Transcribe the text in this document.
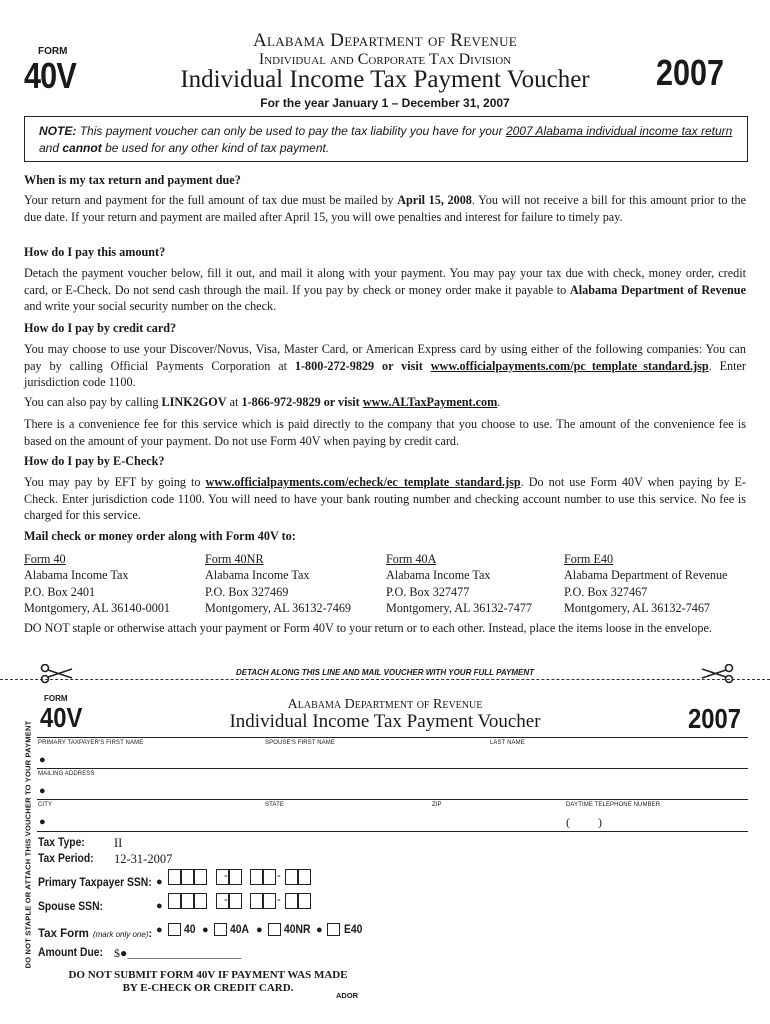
FORM
40V
Alabama Department of Revenue
Individual and Corporate Tax Division
Individual Income Tax Payment Voucher	2007
For the year January 1 – December 31, 2007

NOTE: This payment voucher can only be used to pay the tax liability you have for your 2007 Alabama individual income tax return and cannot be used for any other kind of tax payment.

When is my tax return and payment due?

Your return and payment for the full amount of tax due must be mailed by April 15, 2008. You will not receive a bill for this amount prior to the due date. If your return and payment are mailed after April 15, you will owe penalties and interest for failure to timely pay.

How do I pay this amount?

Detach the payment voucher below, fill it out, and mail it along with your payment. You may pay your tax due with check, money order, credit card, or E-Check. Do not send cash through the mail. If you pay by check or money order make it payable to Alabama Department of Revenue and write your social security number on the check.

How do I pay by credit card?

You may choose to use your Discover/Novus, Visa, Master Card, or American Express card by using either of the following companies: You can pay by calling Official Payments Corporation at 1-800-272-9829 or visit www.officialpayments.com/pc_template_standard.jsp. Enter jurisdiction code 1100.

You can also pay by calling LINK2GOV at 1-866-972-9829 or visit www.ALTaxPayment.com.

There is a convenience fee for this service which is paid directly to the company that you choose to use. The amount of the convenience fee is based on the amount of your payment. Do not use Form 40V when paying by credit card.

How do I pay by E-Check?

You may pay by EFT by going to www.officialpayments.com/echeck/ec_template_standard.jsp. Do not use Form 40V when paying by E-Check. Enter jurisdiction code 1100. You will need to have your bank routing number and checking account number to use this service. No fee is charged for this service.

Mail check or money order along with Form 40V to:
Form 40
Alabama Income Tax
P.O. Box 2401
Montgomery, AL 36140-0001
Form 40NR
Alabama Income Tax
P.O. Box 327469
Montgomery, AL 36132-7469
Form 40A
Alabama Income Tax
P.O. Box 327477
Montgomery, AL 36132-7477
Form E40
Alabama Department of Revenue
P.O. Box 327467
Montgomery, AL 36132-7467

DO NOT staple or otherwise attach your payment or Form 40V to your return or to each other. Instead, place the items loose in the envelope.

DETACH ALONG THIS LINE AND MAIL VOUCHER WITH YOUR FULL PAYMENT
DO NOT STAPLE OR ATTACH THIS VOUCHER TO YOUR PAYMENT
FORM
40V	Alabama Department of Revenue
Individual Income Tax Payment Voucher	2007
PRIMARY TAXPAYER'S FIRST NAME	SPOUSE'S FIRST NAME	LAST NAME
●
MAILING ADDRESS
●
CITY	STATE	ZIP	DAYTIME TELEPHONE NUMBER
●	( )
Tax Type: II
Tax Period: 12-31-2007
Primary Taxpayer SSN: ●	-	-
Spouse SSN:	●	-	-
Tax Form (mark only one): ● 40 ● 40A ● 40NR ● E40
Amount Due: $●___________________
DO NOT SUBMIT FORM 40V IF PAYMENT WAS MADE
BY E-CHECK OR CREDIT CARD.
ADOR
